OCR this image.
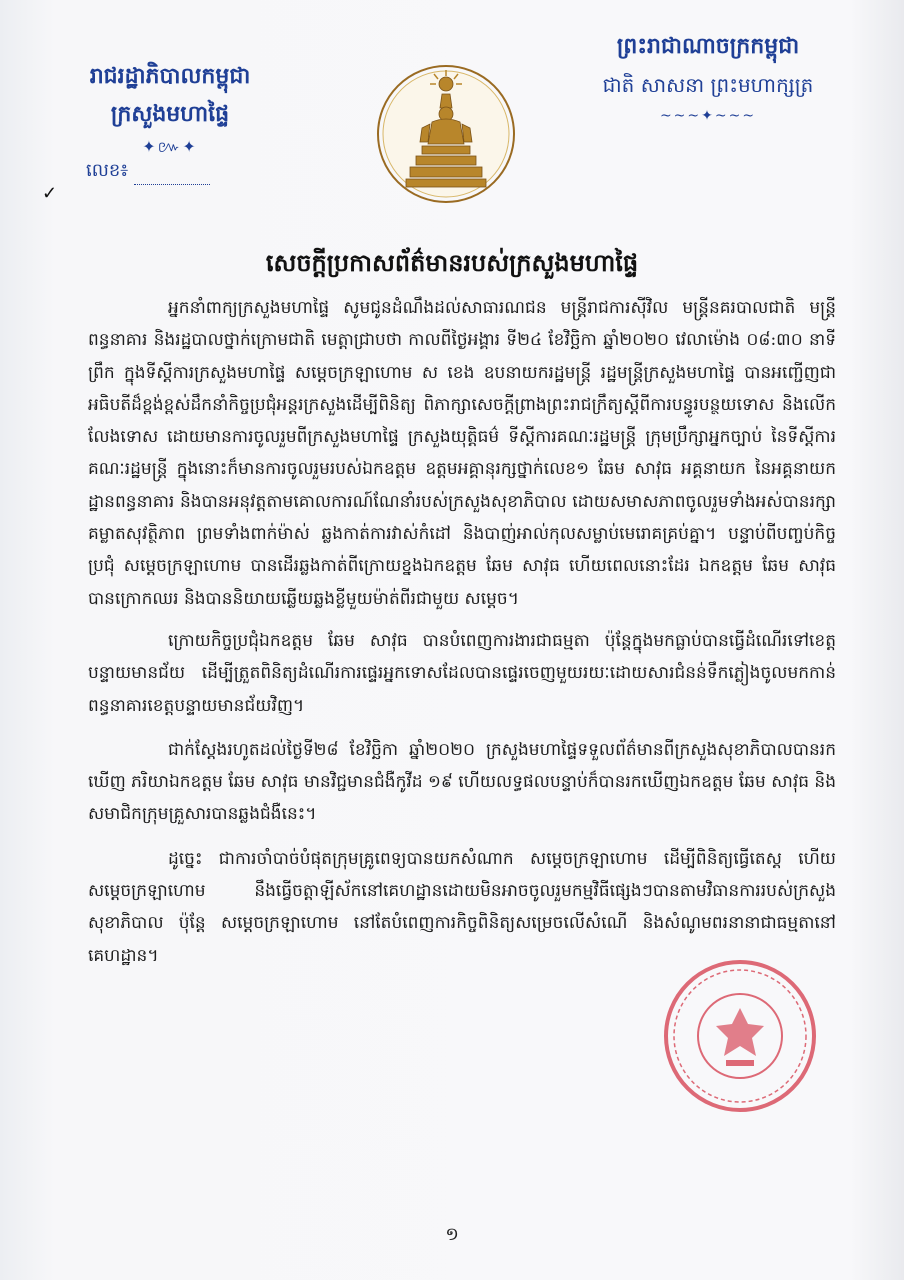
រាជរដ្ឋាភិបាលកម្ពុជា
ក្រសួងមហាផ្ទៃ
✦៚✦
លេខ៖  ✓
ព្រះរាជាណាចក្រកម្ពុជា
ជាតិ សាសនា ព្រះមហាក្សត្រ
~~~✦~~~
សេចក្ដីប្រកាសព័ត៌មានរបស់ក្រសួងមហាផ្ទៃ

អ្នកនាំពាក្យក្រសួងមហាផ្ទៃ សូមជូនដំណឹងដល់សាធារណជន មន្ត្រីរាជការស៊ីវិល មន្ត្រីនគរបាលជាតិ មន្ត្រីពន្ធនាគារ និងរដ្ឋបាលថ្នាក់ក្រោមជាតិ មេត្តាជ្រាបថា កាលពីថ្ងៃអង្គារ ទី២៤ ខែវិច្ឆិកា ឆ្នាំ២០២០ វេលាម៉ោង ០៨:៣០ នាទីព្រឹក ក្នុងទីស្ដីការក្រសួងមហាផ្ទៃ សម្ដេចក្រឡាហោម ស ខេង ឧបនាយករដ្ឋមន្ត្រី រដ្ឋមន្ត្រីក្រសួងមហាផ្ទៃ បានអញ្ជើញជាអធិបតីដ៏ខ្ពង់ខ្ពស់ដឹកនាំកិច្ចប្រជុំអន្តរក្រសួងដើម្បីពិនិត្យ ពិភាក្សាសេចក្ដីព្រាងព្រះរាជក្រឹត្យស្ដីពីការបន្ធូរបន្ថយទោស និងលើកលែងទោស ដោយមានការចូលរួមពីក្រសួងមហាផ្ទៃ ក្រសួងយុត្តិធម៌ ទីស្ដីការគណៈរដ្ឋមន្ត្រី ក្រុមប្រឹក្សាអ្នកច្បាប់ នៃទីស្ដីការគណៈរដ្ឋមន្ត្រី ក្នុងនោះក៏មានការចូលរួមរបស់ឯកឧត្តម ឧត្តមអគ្គានុរក្សថ្នាក់លេខ១ ឆែម សាវុធ អគ្គនាយក នៃអគ្គនាយកដ្ឋានពន្ធនាគារ និងបានអនុវត្តតាមគោលការណ៍ណែនាំរបស់ក្រសួងសុខាភិបាល ដោយសមាសភាពចូលរួមទាំងអស់បានរក្សាគម្លាតសុវត្ថិភាព ព្រមទាំងពាក់ម៉ាស់ ឆ្លងកាត់ការវាស់កំដៅ និងបាញ់អាល់កុលសម្លាប់មេរោគគ្រប់គ្នា។ បន្ទាប់ពីបញ្ចប់កិច្ចប្រជុំ សម្ដេចក្រឡាហោម បានដើរឆ្លងកាត់ពីក្រោយខ្នងឯកឧត្តម ឆែម សាវុធ ហើយពេលនោះដែរ ឯកឧត្តម ឆែម សាវុធ បានក្រោកឈរ និងបាននិយាយឆ្លើយឆ្លងខ្លីមួយម៉ាត់ពីរជាមួយ សម្ដេច។

ក្រោយកិច្ចប្រជុំឯកឧត្តម ឆែម សាវុធ បានបំពេញការងារជាធម្មតា ប៉ុន្តែក្នុងមកធ្លាប់បានធ្វើដំណើរទៅខេត្តបន្ទាយមានជ័យ ដើម្បីត្រួតពិនិត្យដំណើរការផ្ទេរអ្នកទោសដែលបានផ្ទេរចេញមួយរយៈដោយសារជំនន់ទឹកភ្លៀងចូលមកកាន់ពន្ធនាគារខេត្តបន្ទាយមានជ័យវិញ។

ជាក់ស្ដែងរហូតដល់ថ្ងៃទី២៨ ខែវិច្ឆិកា ឆ្នាំ២០២០ ក្រសួងមហាផ្ទៃទទួលព័ត៌មានពីក្រសួងសុខាភិបាលបានរកឃើញ ភរិយាឯកឧត្តម ឆែម សាវុធ មានវិជ្ជមានជំងឺកូវីដ ១៩ ហើយលទ្ធផលបន្ទាប់ក៏បានរកឃើញឯកឧត្តម ឆែម សាវុធ និងសមាជិកក្រុមគ្រួសារបានឆ្លងជំងឺនេះ។

ដូច្នេះ ជាការចាំបាច់បំផុតក្រុមគ្រូពេទ្យបានយកសំណាក សម្ដេចក្រឡាហោម ដើម្បីពិនិត្យធ្វើតេស្ត ហើយ សម្ដេចក្រឡាហោម នឹងធ្វើចត្តាឡីស័កនៅគេហដ្ឋានដោយមិនអាចចូលរួមកម្មវិធីផ្សេងៗបានតាមវិធានការរបស់ក្រសួងសុខាភិបាល ប៉ុន្តែ សម្ដេចក្រឡាហោម នៅតែបំពេញការកិច្ចពិនិត្យសម្រេចលើសំណើ និងសំណូមពរនានាជាធម្មតានៅគេហដ្ឋាន។

១
